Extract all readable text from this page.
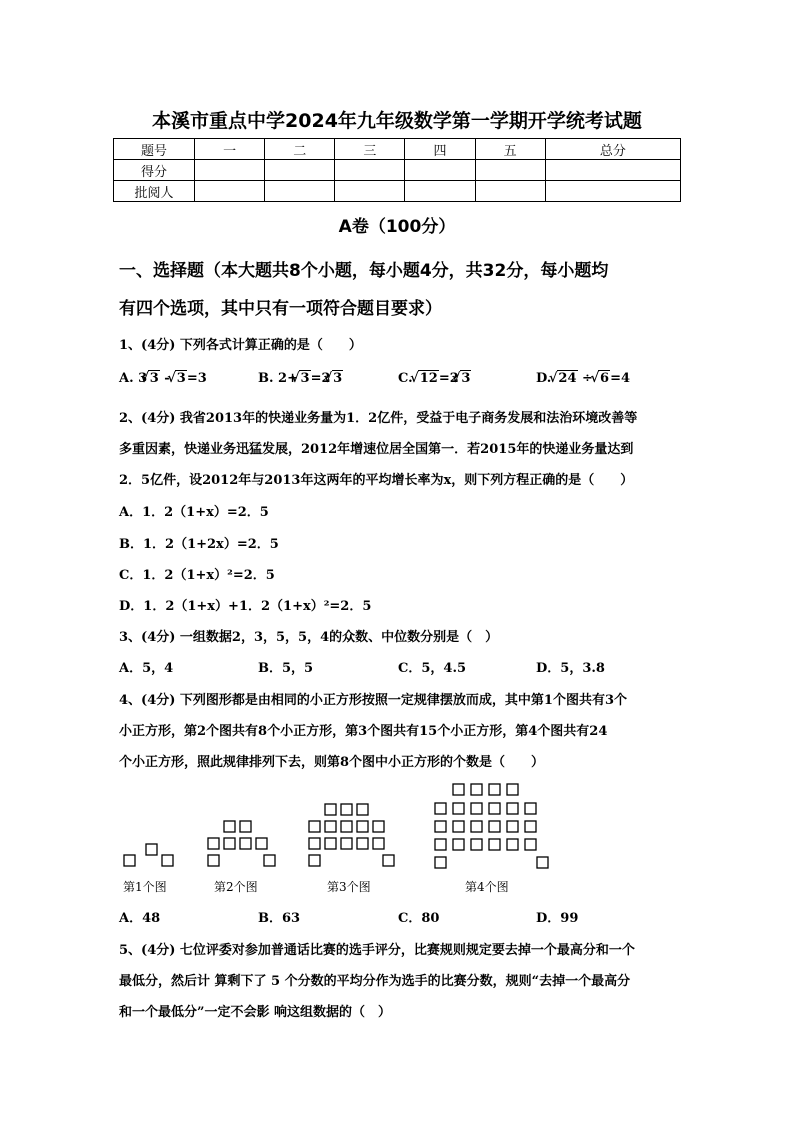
本溪市重点中学2024年九年级数学第一学期开学统考试题
题号	一	二	三	四	五	总分
得分						
批阅人						
A卷（100分）
一、选择题（本大题共8个小题，每小题4分，共32分，每小题均
有四个选项，其中只有一项符合题目要求）
1、(4分) 下列各式计算正确的是（　　）
A. 3 √ 3 - √ 3=3	B. 2+ √ 3=2 √ 3	C. √ 12=2 √ 3	D. √ 24 ÷ √ 6=4
2、(4分) 我省2013年的快递业务量为1．2亿件，受益于电子商务发展和法治环境改善等
多重因素，快递业务迅猛发展，2012年增速位居全国第一．若2015年的快递业务量达到
2．5亿件，设2012年与2013年这两年的平均增长率为x，则下列方程正确的是（　　）
A．1．2（1+x）=2．5
B．1．2（1+2x）=2．5
C．1．2（1+x）²=2．5
D．1．2（1+x）+1．2（1+x）²=2．5
3、(4分) 一组数据2，3，5，5，4的众数、中位数分别是（　）
A．5，4	B．5，5	C．5，4.5	D．5，3.8
4、(4分) 下列图形都是由相同的小正方形按照一定规律摆放而成，其中第1个图共有3个
小正方形，第2个图共有8个小正方形，第3个图共有15个小正方形，第4个图共有24
个小正方形，照此规律排列下去，则第8个图中小正方形的个数是（　　）
第1个图	第2个图	第3个图	第4个图
A．48	B．63	C．80	D．99
5、(4分) 七位评委对参加普通话比赛的选手评分，比赛规则规定要去掉一个最高分和一个
最低分，然后计 算剩下了 5 个分数的平均分作为选手的比赛分数，规则“去掉一个最高分
和一个最低分”一定不会影 响这组数据的（　）
